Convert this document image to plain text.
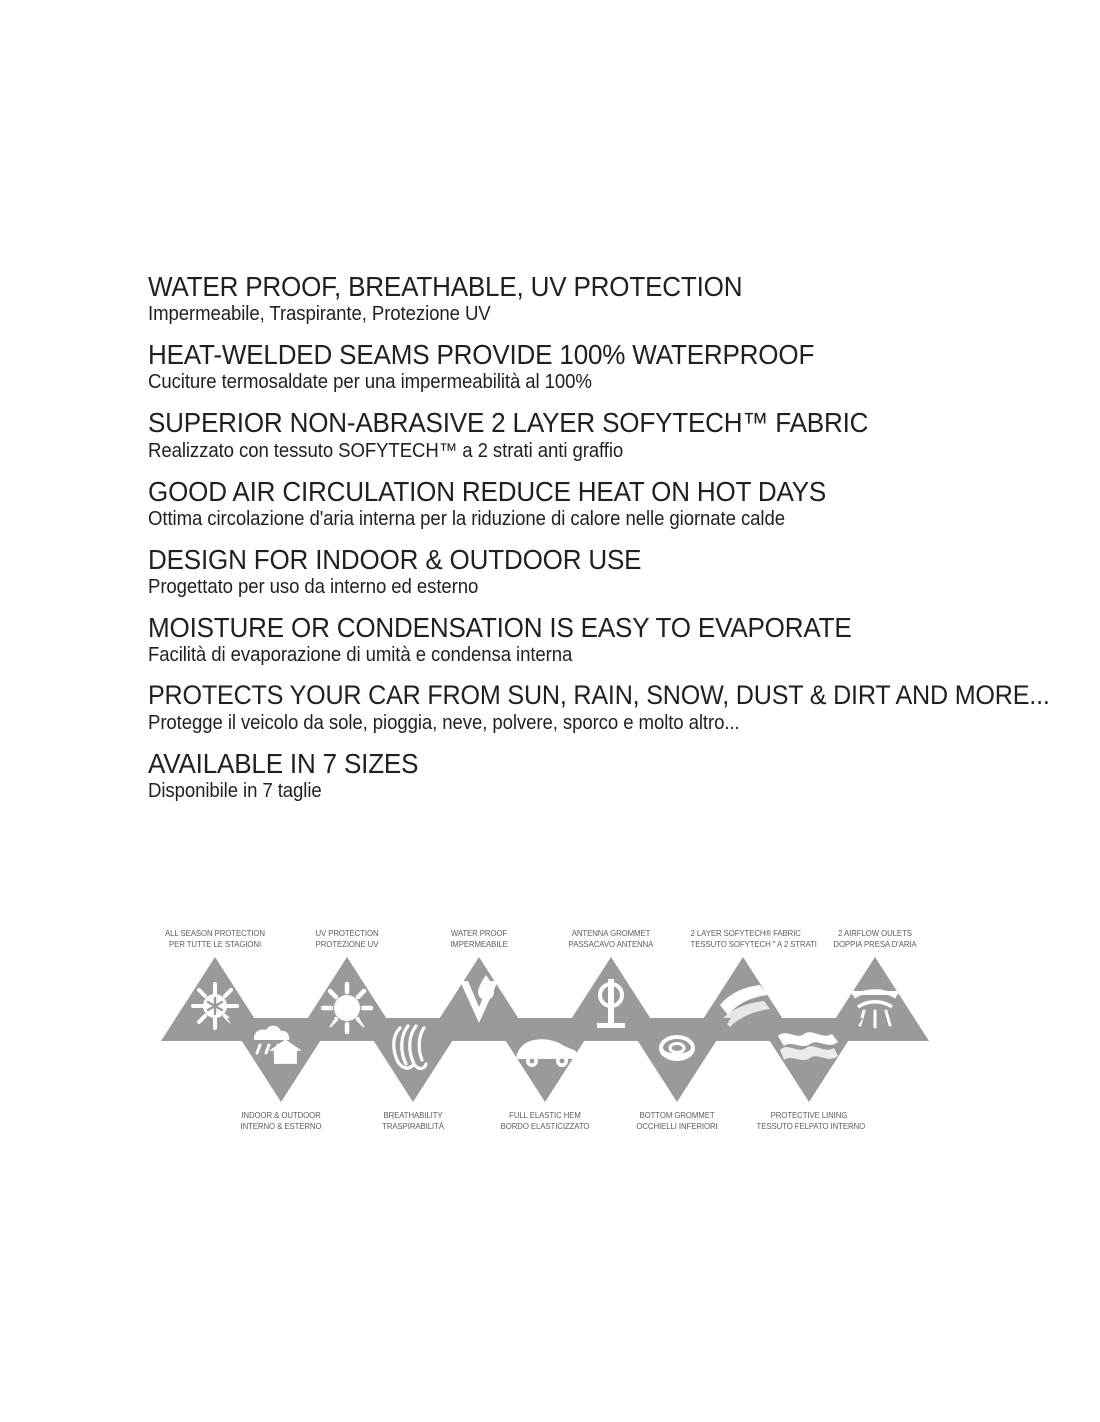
WATER PROOF, BREATHABLE, UV PROTECTION
Impermeabile, Traspirante, Protezione UV
HEAT-WELDED SEAMS PROVIDE 100% WATERPROOF
Cuciture termosaldate per una impermeabilità al 100%
SUPERIOR NON-ABRASIVE 2 LAYER SOFYTECH™ FABRIC
Realizzato con tessuto SOFYTECH™ a 2 strati anti graffio
GOOD AIR CIRCULATION REDUCE HEAT ON HOT DAYS
Ottima circolazione d'aria interna per la riduzione di calore nelle giornate calde
DESIGN FOR INDOOR & OUTDOOR USE
Progettato per uso da interno ed esterno
MOISTURE OR CONDENSATION IS EASY TO EVAPORATE
Facilità di evaporazione di umità e condensa interna
PROTECTS YOUR CAR FROM SUN, RAIN, SNOW, DUST & DIRT AND MORE...
Protegge il veicolo da sole, pioggia, neve, polvere, sporco e molto altro...
AVAILABLE IN 7 SIZES
Disponibile in 7 taglie
ALL SEASON PROTECTION
PER TUTTE LE STAGIONI
UV PROTECTION
PROTEZIONE UV
WATER PROOF
IMPERMEABILE
ANTENNA GROMMET
PASSACAVO ANTENNA
2 LAYER SOFYTECH® FABRIC
TESSUTO SOFYTECH " A 2 STRATI
2 AIRFLOW OULETS
DOPPIA PRESA D'ARIA
INDOOR & OUTDOOR
INTERNO & ESTERNO
BREATHABILITY
TRASPIRABILITÀ
FULL ELASTIC HEM
BORDO ELASTICIZZATO
BOTTOM GROMMET
OCCHIELLI INFERIORI
PROTECTIVE LINING
TESSUTO FELPATO INTERNO
